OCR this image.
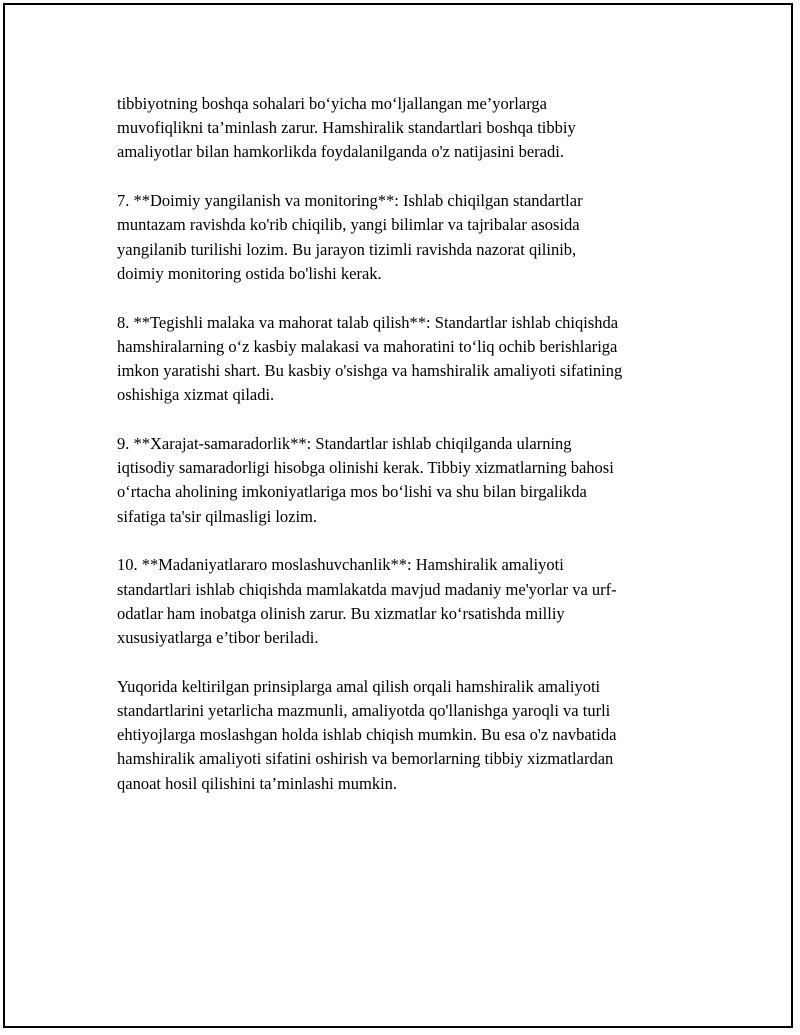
tibbiyotning boshqa sohalari bo‘yicha mo‘ljallangan me’yorlarga
muvofiqlikni ta’minlash zarur. Hamshiralik standartlari boshqa tibbiy
amaliyotlar bilan hamkorlikda foydalanilganda o'z natijasini beradi.

7. **Doimiy yangilanish va monitoring**: Ishlab chiqilgan standartlar
muntazam ravishda ko'rib chiqilib, yangi bilimlar va tajribalar asosida
yangilanib turilishi lozim. Bu jarayon tizimli ravishda nazorat qilinib,
doimiy monitoring ostida bo'lishi kerak.

8. **Tegishli malaka va mahorat talab qilish**: Standartlar ishlab chiqishda
hamshiralarning o‘z kasbiy malakasi va mahoratini to‘liq ochib berishlariga
imkon yaratishi shart. Bu kasbiy o'sishga va hamshiralik amaliyoti sifatining
oshishiga xizmat qiladi.

9. **Xarajat-samaradorlik**: Standartlar ishlab chiqilganda ularning
iqtisodiy samaradorligi hisobga olinishi kerak. Tibbiy xizmatlarning bahosi
o‘rtacha aholining imkoniyatlariga mos bo‘lishi va shu bilan birgalikda
sifatiga ta'sir qilmasligi lozim.

10. **Madaniyatlararo moslashuvchanlik**: Hamshiralik amaliyoti
standartlari ishlab chiqishda mamlakatda mavjud madaniy me'yorlar va urf-
odatlar ham inobatga olinish zarur. Bu xizmatlar ko‘rsatishda milliy
xususiyatlarga e’tibor beriladi.

Yuqorida keltirilgan prinsiplarga amal qilish orqali hamshiralik amaliyoti
standartlarini yetarlicha mazmunli, amaliyotda qo'llanishga yaroqli va turli
ehtiyojlarga moslashgan holda ishlab chiqish mumkin. Bu esa o'z navbatida
hamshiralik amaliyoti sifatini oshirish va bemorlarning tibbiy xizmatlardan
qanoat hosil qilishini ta’minlashi mumkin.
